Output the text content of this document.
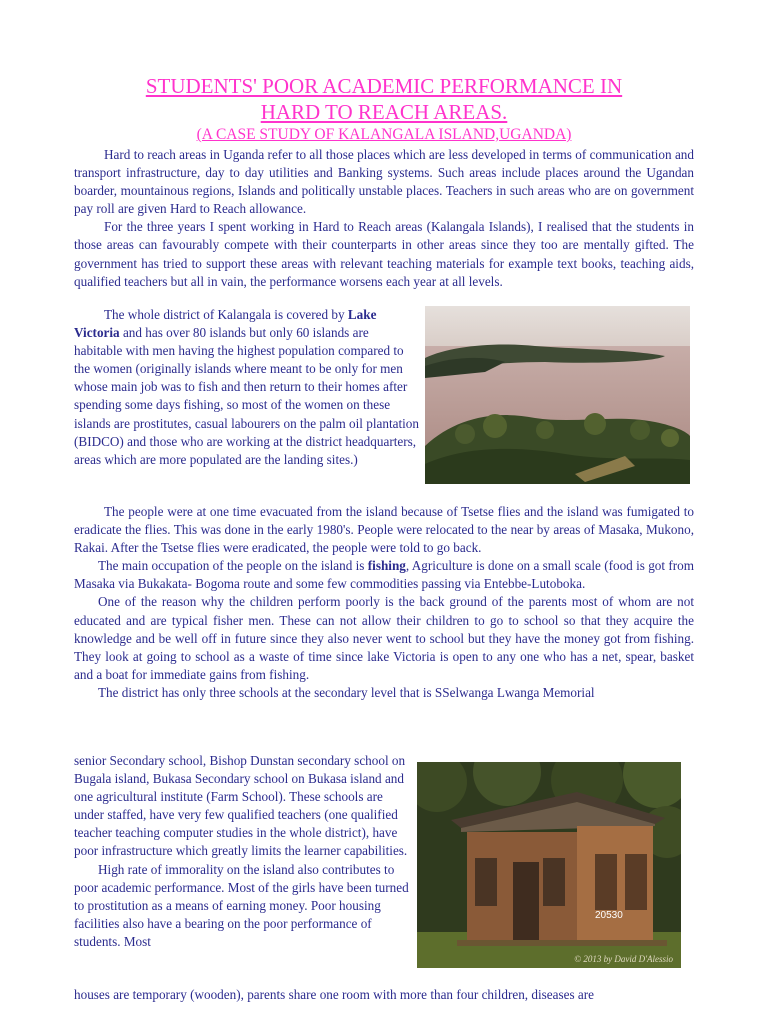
STUDENTS' POOR ACADEMIC PERFORMANCE IN
HARD TO REACH AREAS.
(A CASE STUDY OF KALANGALA ISLAND,UGANDA)

Hard to reach areas in Uganda refer to all those places which are less developed in terms of communication and transport infrastructure, day to day utilities and Banking systems. Such areas include places around the Ugandan boarder, mountainous regions, Islands and politically unstable places. Teachers in such areas who are on government pay roll are given Hard to Reach allowance.

For the three years I spent working in Hard to Reach areas (Kalangala Islands), I realised that the students in those areas can favourably compete with their counterparts in other areas since they too are mentally gifted. The government has tried to support these areas with relevant teaching materials for example text books, teaching aids, qualified teachers but all in vain, the performance worsens each year at all levels.

The whole district of Kalangala is covered by Lake Victoria and has over 80 islands but only 60 islands are habitable with men having the highest population compared to the women (originally islands where meant to be only for men whose main job was to fish and then return to their homes after spending some days fishing, so most of the women on these islands are prostitutes, casual labourers on the palm oil plantation (BIDCO) and those who are working at the district headquarters, areas which are more populated are the landing sites.)

The people were at one time evacuated from the island because of Tsetse flies and the island was fumigated to eradicate the flies. This was done in the early 1980's. People were relocated to the near by areas of Masaka, Mukono, Rakai. After the Tsetse flies were eradicated, the people were told to go back.

The main occupation of the people on the island is fishing, Agriculture is done on a small scale (food is got from Masaka via Bukakata- Bogoma route and some few commodities passing via Entebbe-Lutoboka.

One of the reason why the children perform poorly is the back ground of the parents most of whom are not educated and are typical fisher men. These can not allow their children to go to school so that they acquire the knowledge and be well off in future since they also never went to school but they have the money got from fishing. They look at going to school as a waste of time since lake Victoria is open to any one who has a net, spear, basket and a boat for immediate gains from fishing.

The district has only three schools at the secondary level that is SSelwanga Lwanga Memorial

senior Secondary school, Bishop Dunstan secondary school on Bugala island, Bukasa Secondary school on Bukasa island and one agricultural institute (Farm School). These schools are under staffed, have very few qualified teachers (one qualified teacher teaching computer studies in the whole district), have poor infrastructure which greatly limits the learner capabilities.

High rate of immorality on the island also contributes to poor academic performance. Most of the girls have been turned to prostitution as a means of earning money. Poor housing facilities also have a bearing on the poor performance of students. Most

20530
© 2013 by David D'Alessio

houses are temporary (wooden), parents share one room with more than four children, diseases are
